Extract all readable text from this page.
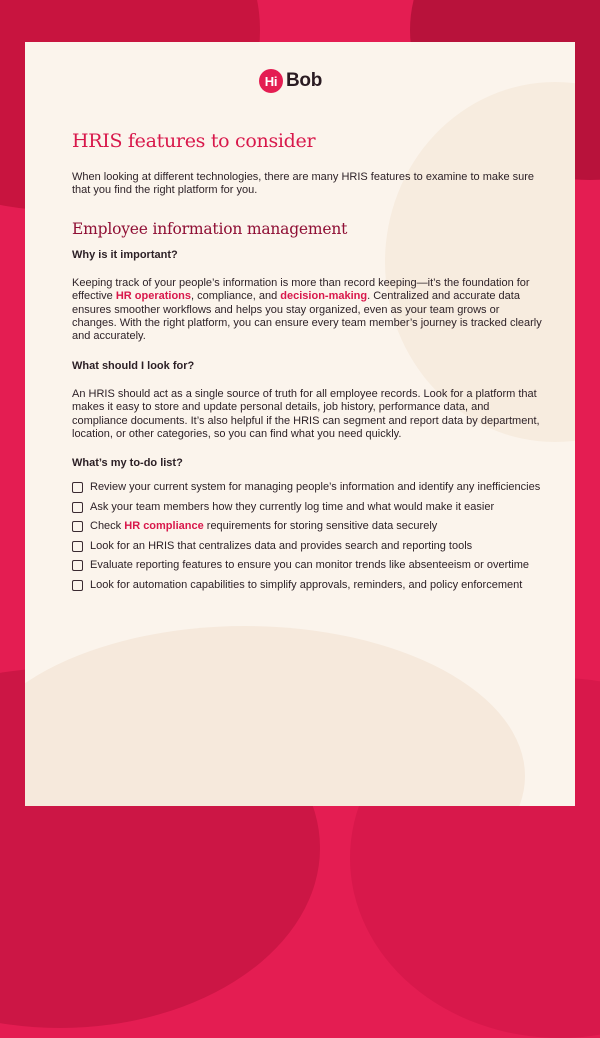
Hi Bob
HRIS features to consider

When looking at different technologies, there are many HRIS features to examine to make sure that you find the right platform for you.

Employee information management

Why is it important?

Keeping track of your people’s information is more than record keeping—it’s the foundation for effective HR operations, compliance, and decision-making. Centralized and accurate data ensures smoother workflows and helps you stay organized, even as your team grows or changes. With the right platform, you can ensure every team member’s journey is tracked clearly and accurately.

What should I look for?

An HRIS should act as a single source of truth for all employee records. Look for a platform that makes it easy to store and update personal details, job history, performance data, and compliance documents. It’s also helpful if the HRIS can segment and report data by department, location, or other categories, so you can find what you need quickly.

What’s my to-do list?

Review your current system for managing people’s information and identify any inefficiencies
Ask your team members how they currently log time and what would make it easier
Check HR compliance requirements for storing sensitive data securely
Look for an HRIS that centralizes data and provides search and reporting tools
Evaluate reporting features to ensure you can monitor trends like absenteeism or overtime
Look for automation capabilities to simplify approvals, reminders, and policy enforcement
